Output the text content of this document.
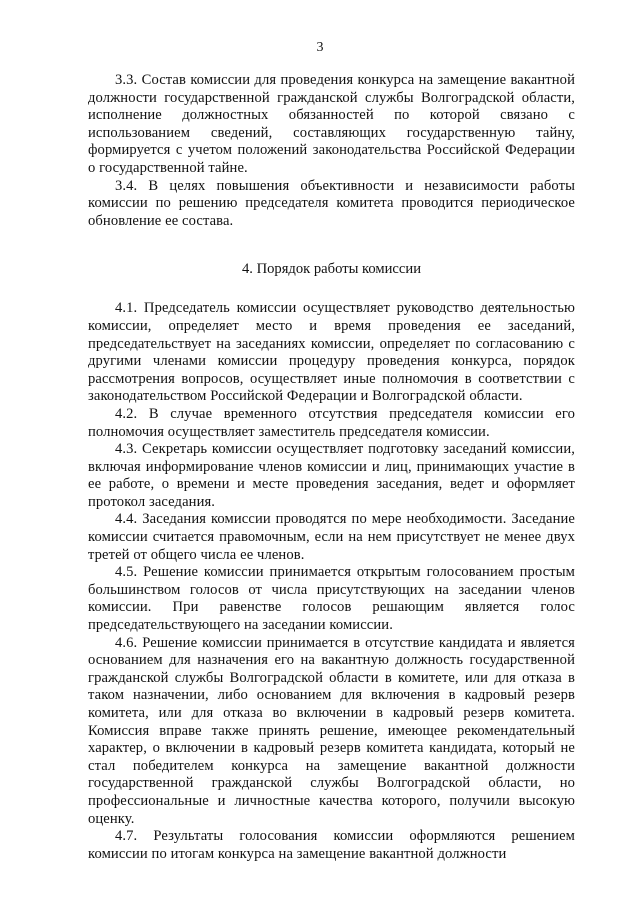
3

3.3. Состав комиссии для проведения конкурса на замещение вакантной должности государственной гражданской службы Волгоградской области, исполнение должностных обязанностей по которой связано с использованием сведений, составляющих государственную тайну, формируется с учетом положений законодательства Российской Федерации о государственной тайне.

3.4. В целях повышения объективности и независимости работы комиссии по решению председателя комитета проводится периодическое обновление ее состава.

4. Порядок работы комиссии

4.1. Председатель комиссии осуществляет руководство деятельностью комиссии, определяет место и время проведения ее заседаний, председательствует на заседаниях комиссии, определяет по согласованию с другими членами комиссии процедуру проведения конкурса, порядок рассмотрения вопросов, осуществляет иные полномочия в соответствии с законодательством Российской Федерации и Волгоградской области.

4.2. В случае временного отсутствия председателя комиссии его полномочия осуществляет заместитель председателя комиссии.

4.3. Секретарь комиссии осуществляет подготовку заседаний комиссии, включая информирование членов комиссии и лиц, принимающих участие в ее работе, о времени и месте проведения заседания, ведет и оформляет протокол заседания.

4.4. Заседания комиссии проводятся по мере необходимости. Заседание комиссии считается правомочным, если на нем присутствует не менее двух третей от общего числа ее членов.

4.5. Решение комиссии принимается открытым голосованием простым большинством голосов от числа присутствующих на заседании членов комиссии. При равенстве голосов решающим является голос председательствующего на заседании комиссии.

4.6. Решение комиссии принимается в отсутствие кандидата и является основанием для назначения его на вакантную должность государственной гражданской службы Волгоградской области в комитете, или для отказа в таком назначении, либо основанием для включения в кадровый резерв комитета, или для отказа во включении в кадровый резерв комитета. Комиссия вправе также принять решение, имеющее рекомендательный характер, о включении в кадровый резерв комитета кандидата, который не стал победителем конкурса на замещение вакантной должности государственной гражданской службы Волгоградской области, но профессиональные и личностные качества которого, получили высокую оценку.

4.7. Результаты голосования комиссии оформляются решением комиссии по итогам конкурса на замещение вакантной должности
